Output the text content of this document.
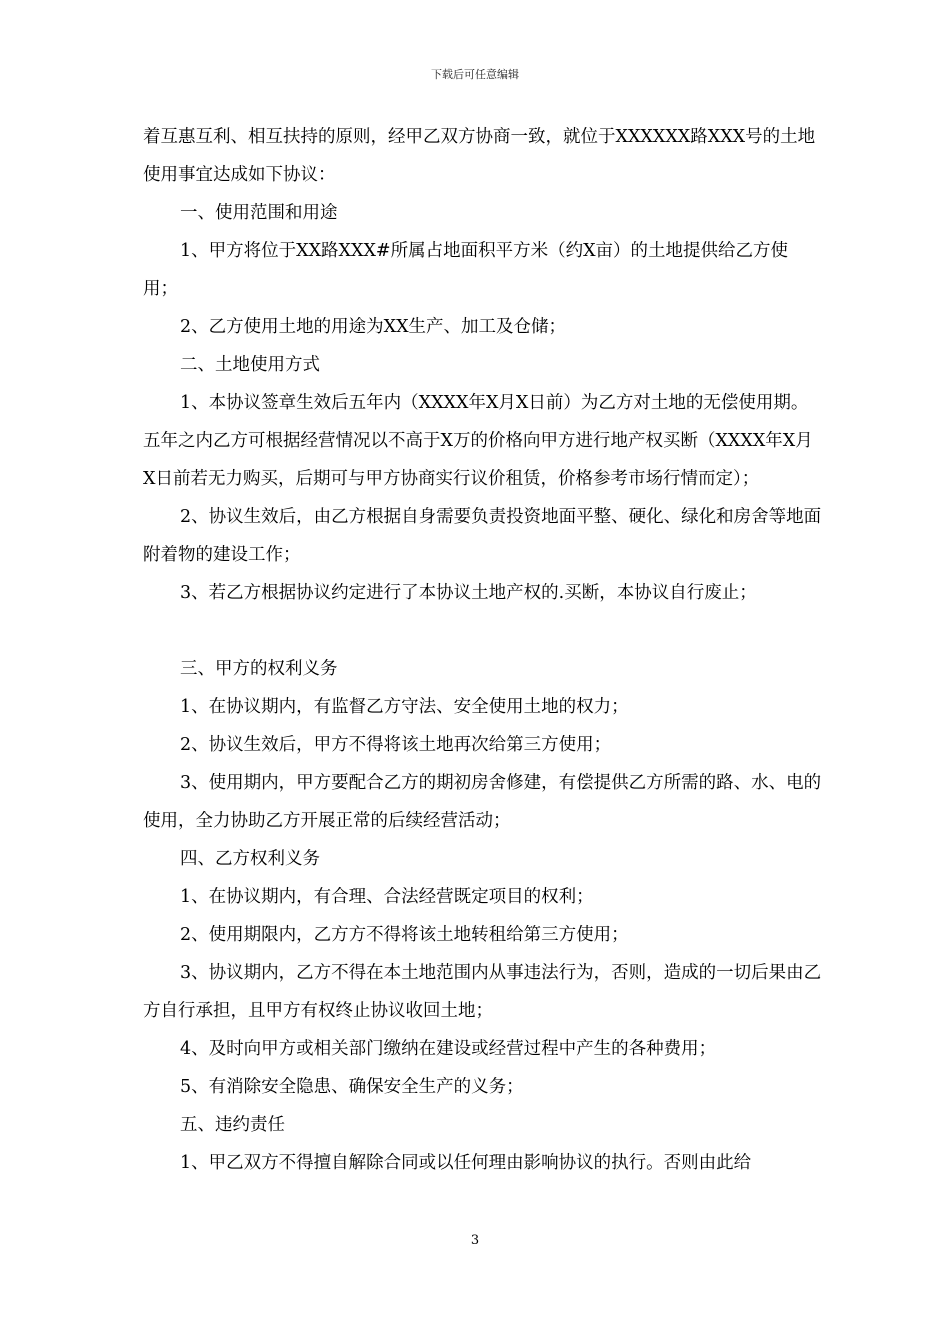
下载后可任意编辑

着互惠互利、相互扶持的原则，经甲乙双方协商一致，就位于XXXXXX路XXX号的土地使用事宜达成如下协议：

一、使用范围和用途

1、甲方将位于XX路XXX#所属占地面积平方米（约X亩）的土地提供给乙方使用；

2、乙方使用土地的用途为XX生产、加工及仓储；

二、土地使用方式

1、本协议签章生效后五年内（XXXX年X月X日前）为乙方对土地的无偿使用期。五年之内乙方可根据经营情况以不高于X万的价格向甲方进行地产权买断（XXXX年X月X日前若无力购买，后期可与甲方协商实行议价租赁，价格参考市场行情而定）；

2、协议生效后，由乙方根据自身需要负责投资地面平整、硬化、绿化和房舍等地面附着物的建设工作；

3、若乙方根据协议约定进行了本协议土地产权的.买断，本协议自行废止；

三、甲方的权利义务

1、在协议期内，有监督乙方守法、安全使用土地的权力；

2、协议生效后，甲方不得将该土地再次给第三方使用；

3、使用期内，甲方要配合乙方的期初房舍修建，有偿提供乙方所需的路、水、电的使用，全力协助乙方开展正常的后续经营活动；

四、乙方权利义务

1、在协议期内，有合理、合法经营既定项目的权利；

2、使用期限内，乙方方不得将该土地转租给第三方使用；

3、协议期内，乙方不得在本土地范围内从事违法行为，否则，造成的一切后果由乙方自行承担，且甲方有权终止协议收回土地；

4、及时向甲方或相关部门缴纳在建设或经营过程中产生的各种费用；

5、有消除安全隐患、确保安全生产的义务；

五、违约责任

1、甲乙双方不得擅自解除合同或以任何理由影响协议的执行。否则由此给

3
